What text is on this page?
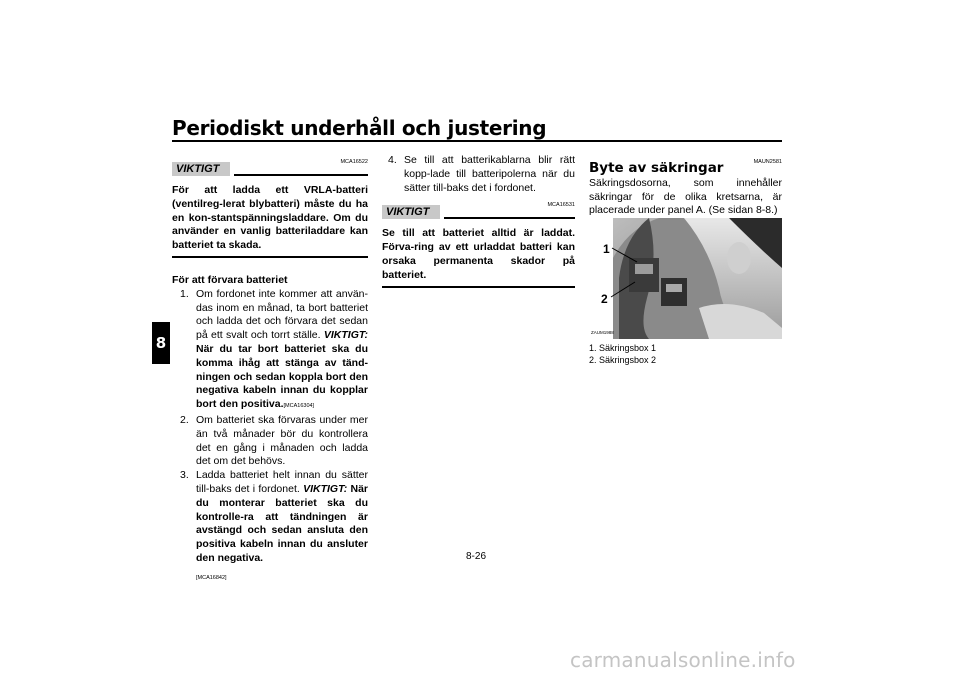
Periodiskt underhåll och justering
8
MCA16522
VIKTIGT
För att ladda ett VRLA-batteri (ventilreg-lerat blybatteri) måste du ha en kon-stantspänningsladdare. Om du använder en vanlig batteriladdare kan batteriet ta skada.
För att förvara batteriet
1. Om fordonet inte kommer att använ-das inom en månad, ta bort batteriet och ladda det och förvara det sedan på ett svalt och torrt ställe. VIKTIGT: När du tar bort batteriet ska du komma ihåg att stänga av tänd-ningen och sedan koppla bort den negativa kabeln innan du kopplar bort den positiva.[MCA16304]
2. Om batteriet ska förvaras under mer än två månader bör du kontrollera det en gång i månaden och ladda det om det behövs.
3. Ladda batteriet helt innan du sätter till-baks det i fordonet. VIKTIGT: När du monterar batteriet ska du kontrolle-ra att tändningen är avstängd och sedan ansluta den positiva kabeln innan du ansluter den negativa.
[MCA16842]
4. Se till att batterikablarna blir rätt kopp-lade till batteripolerna när du sätter till-baks det i fordonet.
MCA16531
VIKTIGT
Se till att batteriet alltid är laddat. Förva-ring av ett urladdat batteri kan orsaka permanenta skador på batteriet.
MAUN2581
Byte av säkringar
Säkringsdosorna, som innehåller säkringar för de olika kretsarna, är placerade under panel A. (Se sidan 8-8.)
1
2
ZAUM1988
1. Säkringsbox 1
2. Säkringsbox 2
8-26
carmanualsonline.info
